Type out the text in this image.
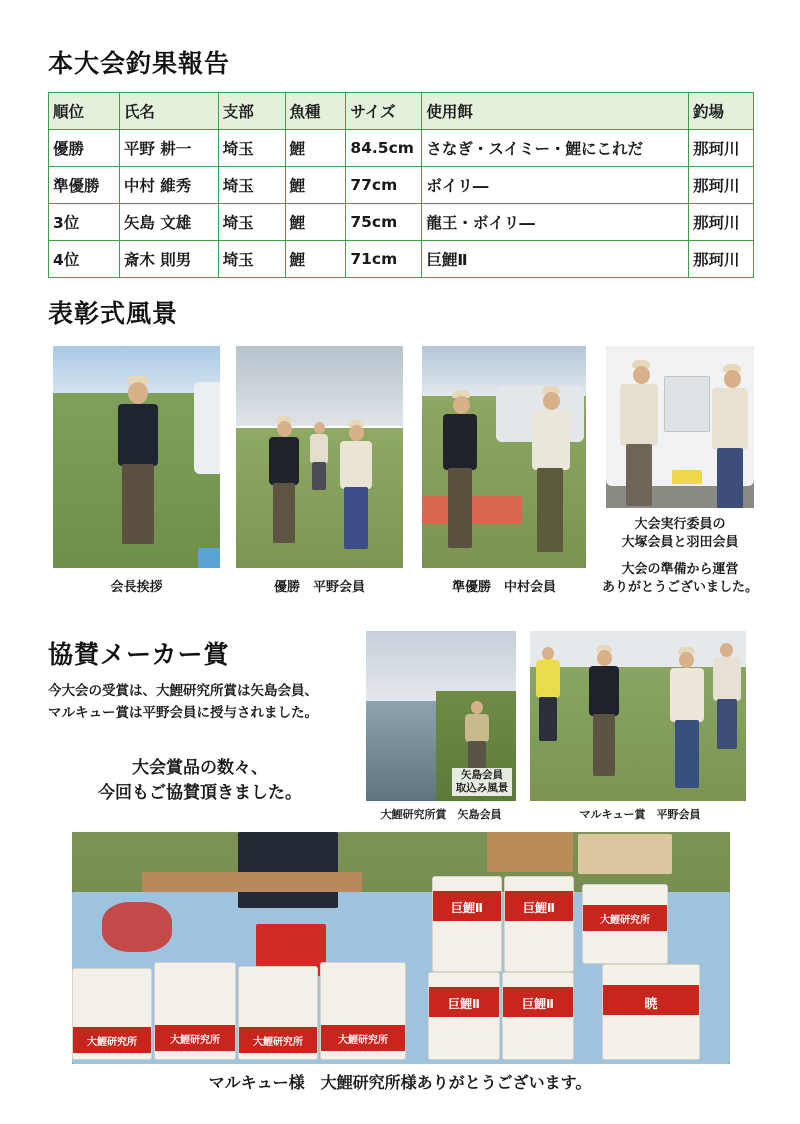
本大会釣果報告
順位	氏名	支部	魚種	サイズ	使用餌	釣場
優勝	平野 耕一	埼玉	鯉	84.5cm	さなぎ・スイミー・鯉にこれだ	那珂川
準優勝	中村 維秀	埼玉	鯉	77cm	ボイリ―	那珂川
3位	矢島 文雄	埼玉	鯉	75cm	龍王・ボイリ―	那珂川
4位	斎木 則男	埼玉	鯉	71cm	巨鯉Ⅱ	那珂川
表彰式風景
会長挨拶	優勝　平野会員	準優勝　中村会員
大会実行委員の
大塚会員と羽田会員
大会の準備から運営
ありがとうございました。
協賛メーカー賞
今大会の受賞は、大鯉研究所賞は矢島会員、
マルキュー賞は平野会員に授与されました。
大会賞品の数々、
今回もご協賛頂きました。
矢島会員
取込み風景
大鯉研究所賞　矢島会員	マルキュー賞　平野会員
大鯉研究所	大鯉研究所	大鯉研究所	大鯉研究所
巨鯉Ⅱ	巨鯉Ⅱ
巨鯉Ⅱ	巨鯉Ⅱ
大鯉研究所
暁
マルキュー様　大鯉研究所様ありがとうございます。
